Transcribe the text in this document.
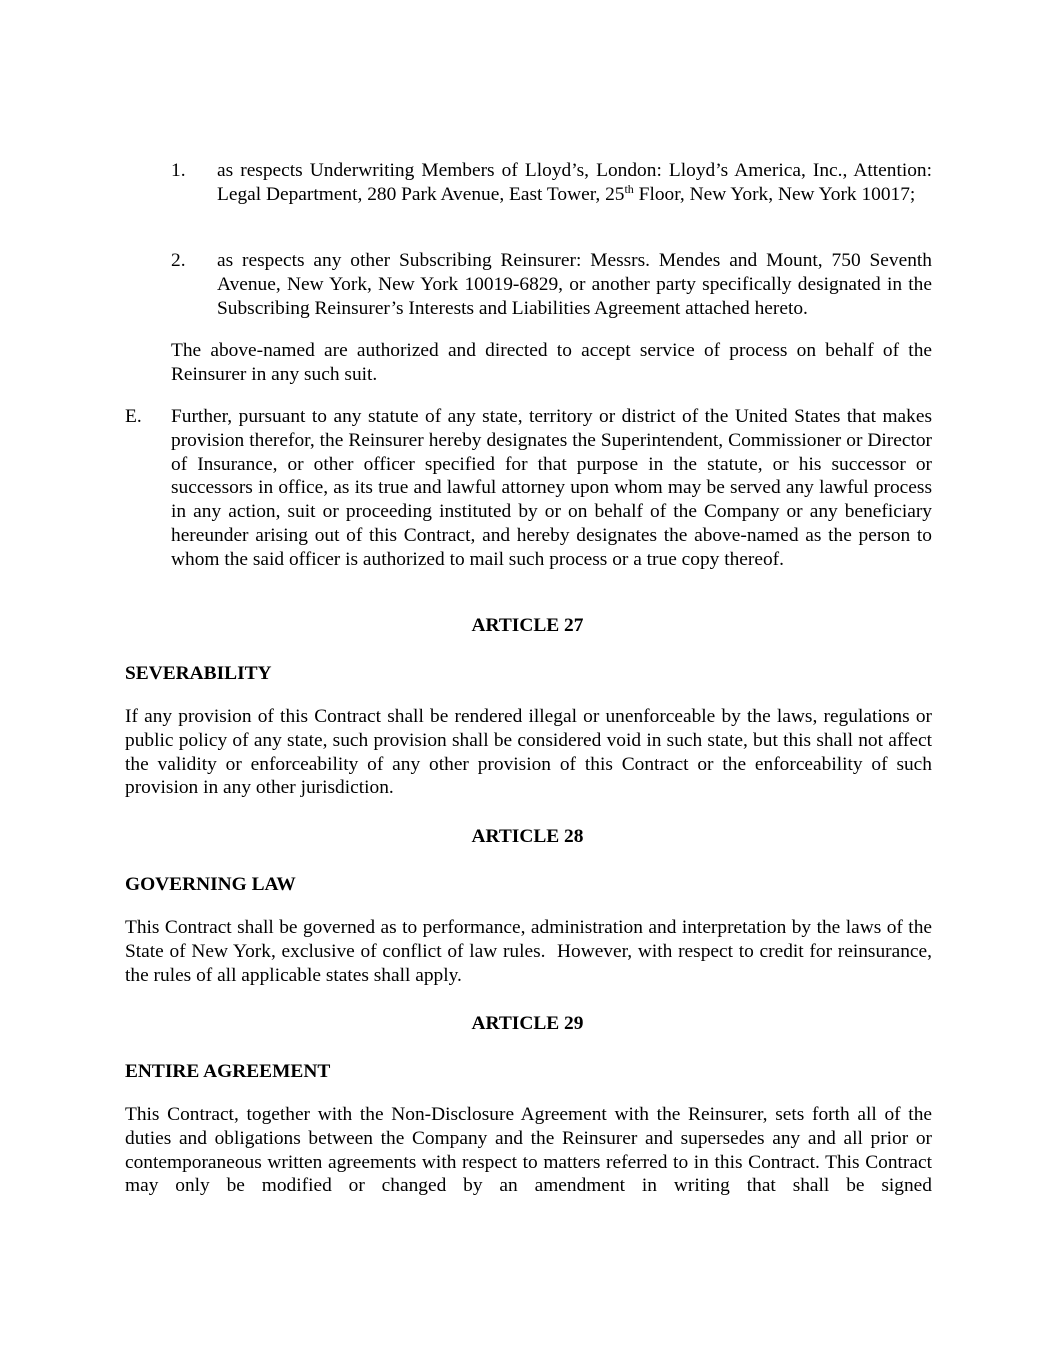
1. as respects Underwriting Members of Lloyd’s, London: Lloyd’s America, Inc., Attention: Legal Department, 280 Park Avenue, East Tower, 25th Floor, New York, New York 10017;

2. as respects any other Subscribing Reinsurer: Messrs. Mendes and Mount, 750 Seventh Avenue, New York, New York 10019-6829, or another party specifically designated in the Subscribing Reinsurer’s Interests and Liabilities Agreement attached hereto.

The above-named are authorized and directed to accept service of process on behalf of the Reinsurer in any such suit.

E. Further, pursuant to any statute of any state, territory or district of the United States that makes provision therefor, the Reinsurer hereby designates the Superintendent, Commissioner or Director of Insurance, or other officer specified for that purpose in the statute, or his successor or successors in office, as its true and lawful attorney upon whom may be served any lawful process in any action, suit or proceeding instituted by or on behalf of the Company or any beneficiary hereunder arising out of this Contract, and hereby designates the above-named as the person to whom the said officer is authorized to mail such process or a true copy thereof.

ARTICLE 27

SEVERABILITY

If any provision of this Contract shall be rendered illegal or unenforceable by the laws, regulations or public policy of any state, such provision shall be considered void in such state, but this shall not affect the validity or enforceability of any other provision of this Contract or the enforceability of such provision in any other jurisdiction.

ARTICLE 28

GOVERNING LAW

This Contract shall be governed as to performance, administration and interpretation by the laws of the State of New York, exclusive of conflict of law rules.  However, with respect to credit for reinsurance, the rules of all applicable states shall apply.

ARTICLE 29

ENTIRE AGREEMENT

This Contract, together with the Non-Disclosure Agreement with the Reinsurer, sets forth all of the duties and obligations between the Company and the Reinsurer and supersedes any and all prior or contemporaneous written agreements with respect to matters referred to in this Contract. This Contract may only be modified or changed by an amendment in writing that shall be signed
